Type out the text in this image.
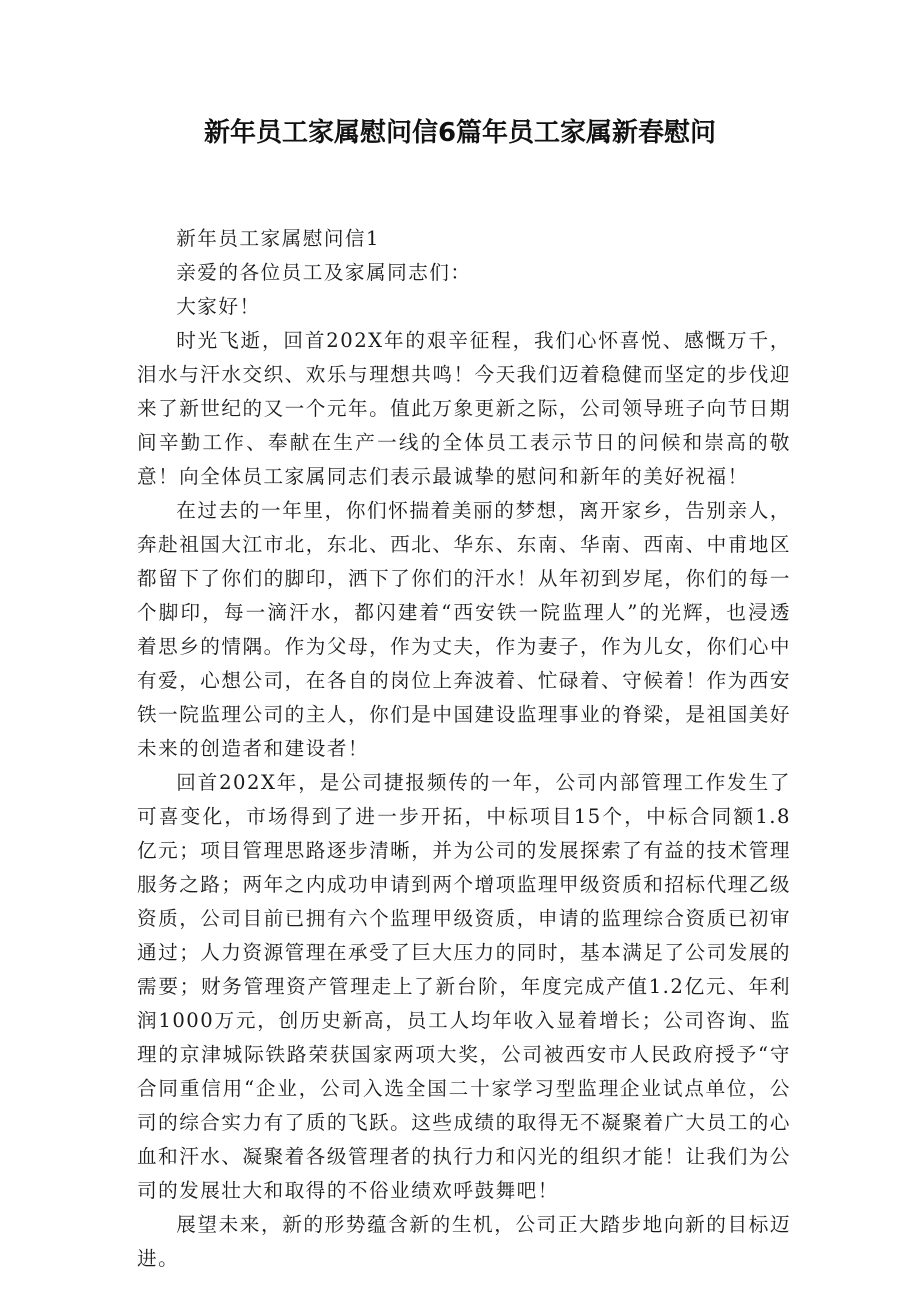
新年员工家属慰问信6篇年员工家属新春慰问

新年员工家属慰问信1

亲爱的各位员工及家属同志们：

大家好！

时光飞逝，回首202X年的艰辛征程，我们心怀喜悦、感慨万千，泪水与汗水交织、欢乐与理想共鸣！今天我们迈着稳健而坚定的步伐迎来了新世纪的又一个元年。值此万象更新之际，公司领导班子向节日期间辛勤工作、奉献在生产一线的全体员工表示节日的问候和崇高的敬意！向全体员工家属同志们表示最诚挚的慰问和新年的美好祝福！

在过去的一年里，你们怀揣着美丽的梦想，离开家乡，告别亲人，奔赴祖国大江市北，东北、西北、华东、东南、华南、西南、中甫地区都留下了你们的脚印，洒下了你们的汗水！从年初到岁尾，你们的每一个脚印，每一滴汗水，都闪建着“西安铁一院监理人”的光辉，也浸透着思乡的情隅。作为父母，作为丈夫，作为妻子，作为儿女，你们心中有爱，心想公司，在各自的岗位上奔波着、忙碌着、守候着！作为西安铁一院监理公司的主人，你们是中国建设监理事业的脊梁，是祖国美好未来的创造者和建设者！

回首202X年，是公司捷报频传的一年，公司内部管理工作发生了可喜变化，市场得到了进一步开拓，中标项目15个，中标合同额1.8亿元；项目管理思路逐步清晰，并为公司的发展探索了有益的技术管理服务之路；两年之内成功申请到两个增项监理甲级资质和招标代理乙级资质，公司目前已拥有六个监理甲级资质，申请的监理综合资质已初审通过；人力资源管理在承受了巨大压力的同时，基本满足了公司发展的需要；财务管理资产管理走上了新台阶，年度完成产值1.2亿元、年利润1000万元，创历史新高，员工人均年收入显着增长；公司咨询、监理的京津城际铁路荣获国家两项大奖，公司被西安市人民政府授予“守合同重信用“企业，公司入选全国二十家学习型监理企业试点单位，公司的综合实力有了质的飞跃。这些成绩的取得无不凝聚着广大员工的心血和汗水、凝聚着各级管理者的执行力和闪光的组织才能！让我们为公司的发展壮大和取得的不俗业绩欢呼鼓舞吧！

展望未来，新的形势蕴含新的生机，公司正大踏步地向新的目标迈进。
